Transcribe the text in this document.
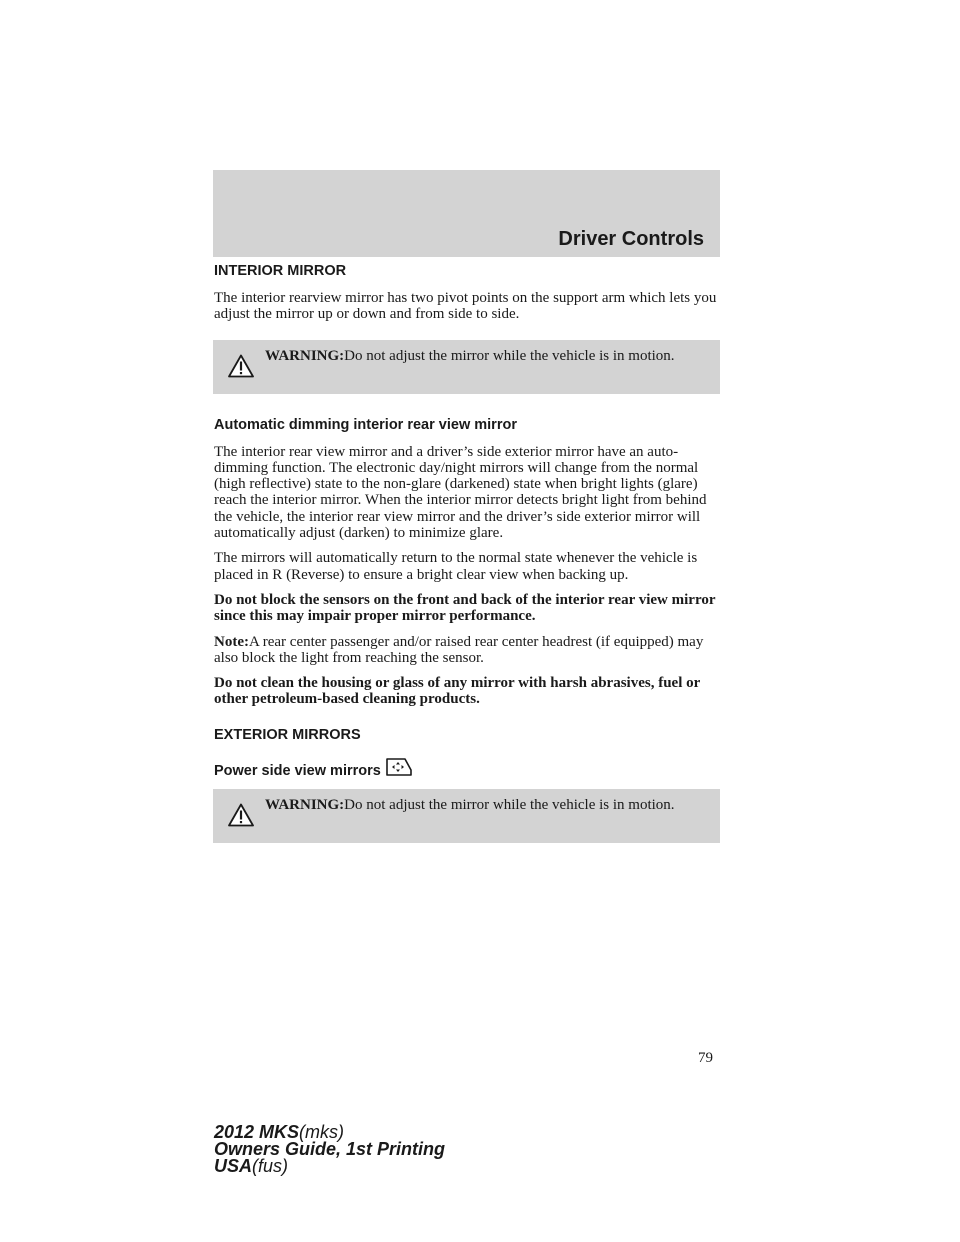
Driver Controls
INTERIOR MIRROR

The interior rearview mirror has two pivot points on the support arm which lets you adjust the mirror up or down and from side to side.

WARNING:Do not adjust the mirror while the vehicle is in motion.
Automatic dimming interior rear view mirror

The interior rear view mirror and a driver’s side exterior mirror have an auto-dimming function. The electronic day/night mirrors will change from the normal (high reflective) state to the non-glare (darkened) state when bright lights (glare) reach the interior mirror. When the interior mirror detects bright light from behind the vehicle, the interior rear view mirror and the driver’s side exterior mirror will automatically adjust (darken) to minimize glare.

The mirrors will automatically return to the normal state whenever the vehicle is placed in R (Reverse) to ensure a bright clear view when backing up.

Do not block the sensors on the front and back of the interior rear view mirror since this may impair proper mirror performance.

Note:A rear center passenger and/or raised rear center headrest (if equipped) may also block the light from reaching the sensor.

Do not clean the housing or glass of any mirror with harsh abrasives, fuel or other petroleum-based cleaning products.

EXTERIOR MIRRORS
Power side view mirrors
WARNING:Do not adjust the mirror while the vehicle is in motion.
79
2012 MKS(mks)
Owners Guide, 1st Printing
USA(fus)
